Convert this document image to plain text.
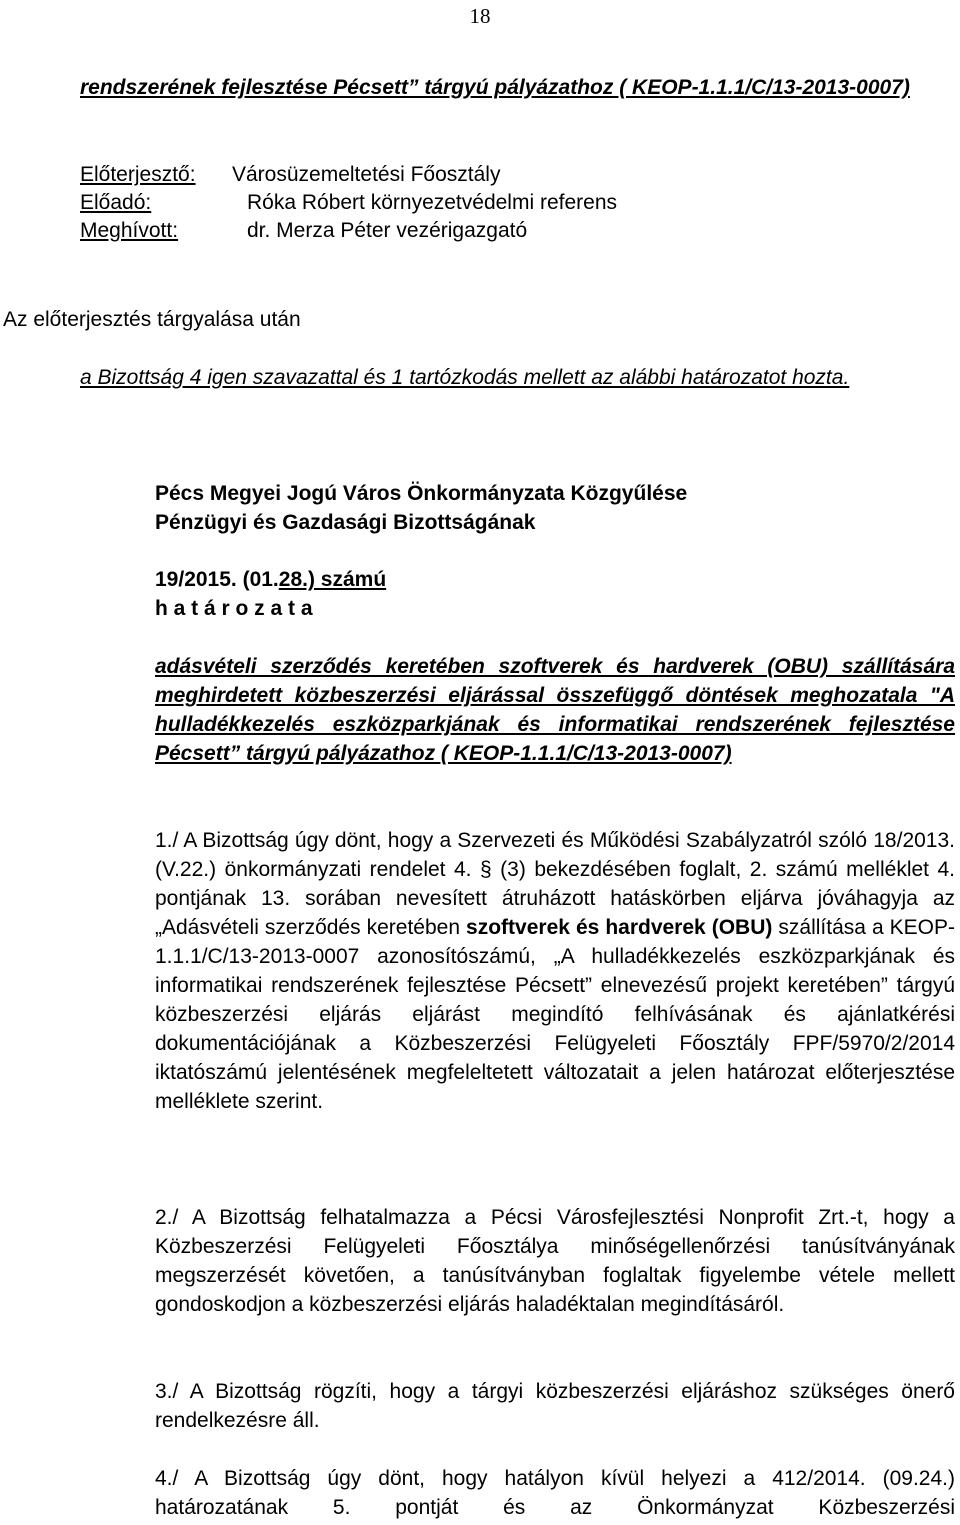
18
rendszerének fejlesztése Pécsett” tárgyú pályázathoz ( KEOP-1.1.1/C/13-2013-0007)
Előterjesztő: Városüzemeltetési Főosztály
Előadó:	Róka Róbert környezetvédelmi referens
Meghívott:	dr. Merza Péter vezérigazgató
Az előterjesztés tárgyalása után
a Bizottság 4 igen szavazattal és 1 tartózkodás mellett az alábbi határozatot hozta.
Pécs Megyei Jogú Város Önkormányzata Közgyűlése
Pénzügyi és Gazdasági Bizottságának
19/2015. (01.28.) számú
h a t á r o z a t a
adásvételi szerződés keretében szoftverek és hardverek (OBU) szállítására meghirdetett közbeszerzési eljárással összefüggő döntések meghozatala "A hulladékkezelés eszközparkjának és informatikai rendszerének fejlesztése Pécsett” tárgyú pályázathoz ( KEOP-1.1.1/C/13-2013-0007)
1./ A Bizottság úgy dönt, hogy a Szervezeti és Működési Szabályzatról szóló 18/2013.(V.22.) önkormányzati rendelet 4. § (3) bekezdésében foglalt, 2. számú melléklet 4. pontjának 13. sorában nevesített átruházott hatáskörben eljárva jóváhagyja az „Adásvételi szerződés keretében szoftverek és hardverek (OBU) szállítása a KEOP-1.1.1/C/13-2013-0007 azonosítószámú, „A hulladékkezelés eszközparkjának és informatikai rendszerének fejlesztése Pécsett” elnevezésű projekt keretében” tárgyú közbeszerzési eljárás eljárást megindító felhívásának és ajánlatkérési dokumentációjának a Közbeszerzési Felügyeleti Főosztály FPF/5970/2/2014 iktatószámú jelentésének megfeleltetett változatait a jelen határozat előterjesztése melléklete szerint.
2./ A Bizottság felhatalmazza a Pécsi Városfejlesztési Nonprofit Zrt.-t, hogy a Közbeszerzési Felügyeleti Főosztálya minőségellenőrzési tanúsítványának megszerzését követően, a tanúsítványban foglaltak figyelembe vétele mellett gondoskodjon a közbeszerzési eljárás haladéktalan megindításáról.
3./ A Bizottság rögzíti, hogy a tárgyi közbeszerzési eljáráshoz szükséges önerő rendelkezésre áll.
4./ A Bizottság úgy dönt, hogy hatályon kívül helyezi a 412/2014. (09.24.) határozatának 5. pontját és az Önkormányzat Közbeszerzési
